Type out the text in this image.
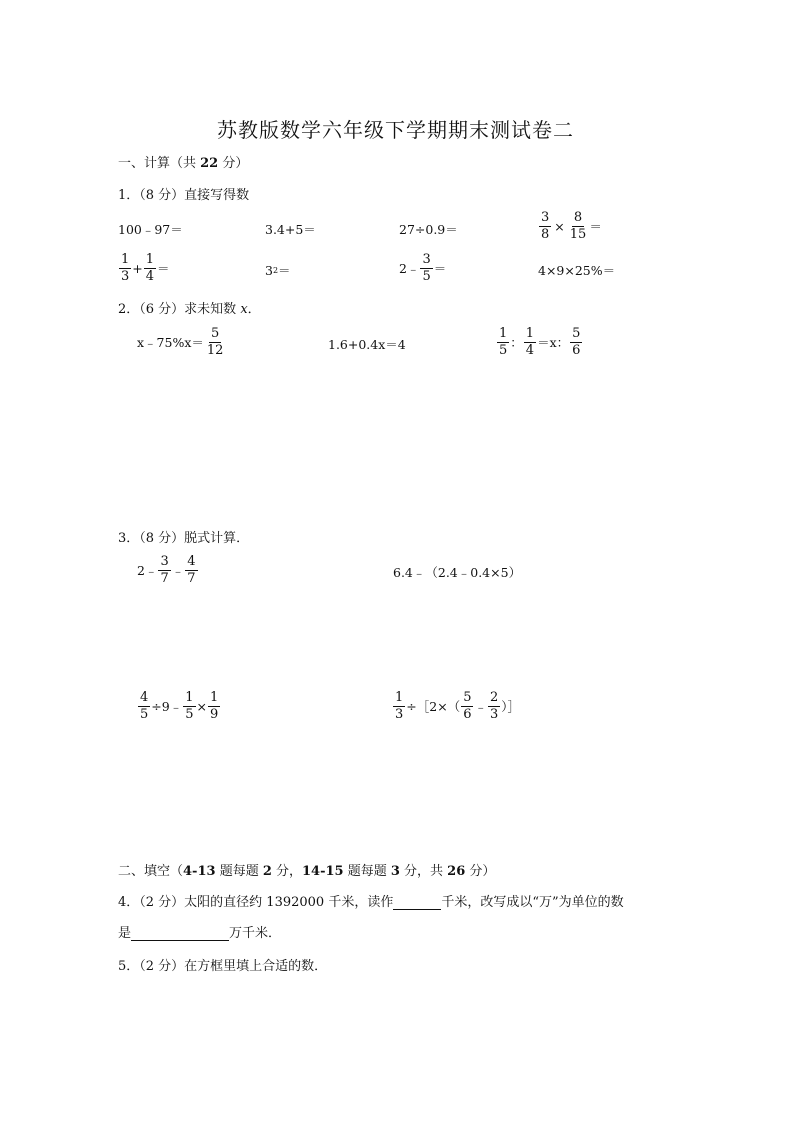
苏教版数学六年级下学期期末测试卷二
一、计算（共 22 分）
1．（8 分）直接写得数
100﹣97＝	3.4+5＝	27÷0.9＝	$\frac{3}{8} \times \frac{8}{15}$ ＝
$\frac{1}{3} + \frac{1}{4}$ ＝	3 2 ＝	2﹣ $\frac{3}{5}$ ＝	4×9×25%＝
2．（6 分）求未知数 x．
x﹣75%x＝ $\frac{5}{12}$	1.6+0.4x＝4	$\frac{1}{5}$ ： $\frac{1}{4} =x$： $\frac{5}{6}$
3．（8 分）脱式计算．
2﹣ $\frac{3}{7}$ ﹣ $\frac{4}{7}$	6.4﹣（2.4﹣0.4×5）
$\frac{4}{5}$ ÷9﹣ $\frac{1}{5} \times \frac{1}{9}$	$\frac{1}{3}$ ÷［2×（ $\frac{5}{6}$ ﹣ $\frac{2}{3}$ ）］
二、填空（4-13 题每题 2 分，14-15 题每题 3 分，共 26 分）
4．（2 分）太阳的直径约 1392000 千米，读作	千米，改写成以“万”为单位的数
是	万千米．
5．（2 分）在方框里填上合适的数．
